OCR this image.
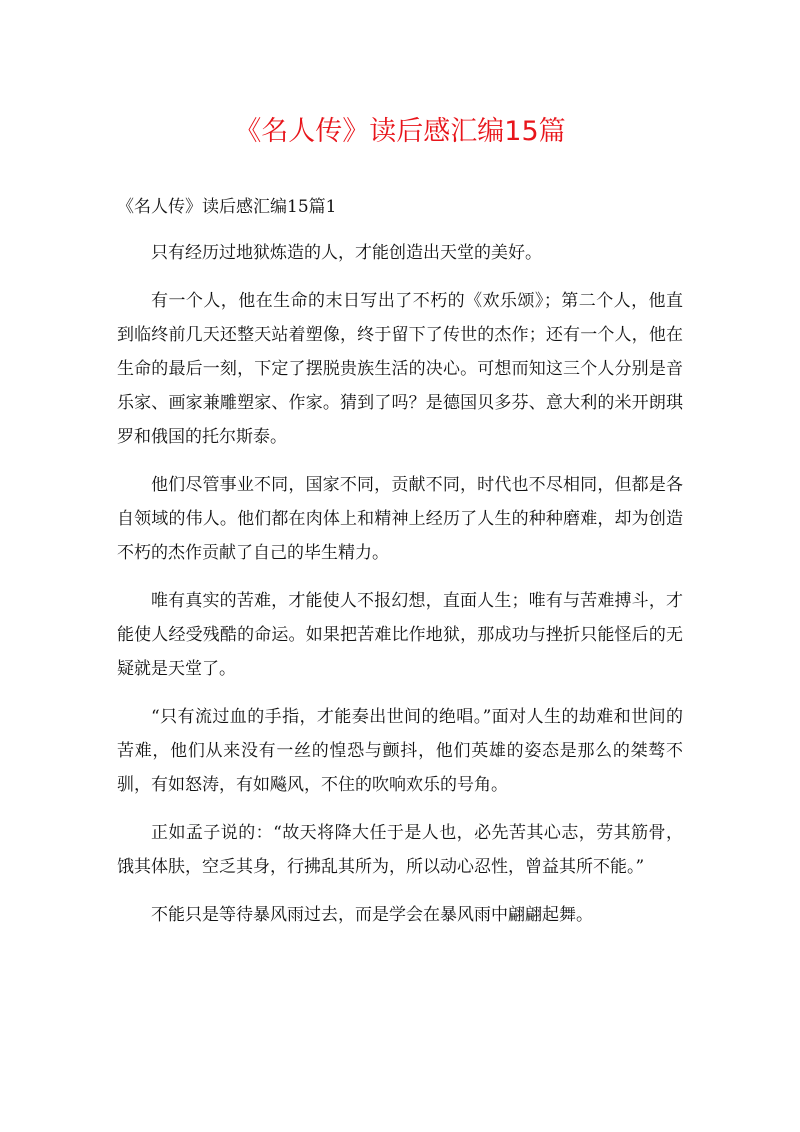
《名人传》读后感汇编15篇
《名人传》读后感汇编15篇1

只有经历过地狱炼造的人，才能创造出天堂的美好。

有一个人，他在生命的末日写出了不朽的《欢乐颂》；第二个人，他直到临终前几天还整天站着塑像，终于留下了传世的杰作；还有一个人，他在生命的最后一刻，下定了摆脱贵族生活的决心。可想而知这三个人分别是音乐家、画家兼雕塑家、作家。猜到了吗？是德国贝多芬、意大利的米开朗琪罗和俄国的托尔斯泰。

他们尽管事业不同，国家不同，贡献不同，时代也不尽相同，但都是各自领域的伟人。他们都在肉体上和精神上经历了人生的种种磨难，却为创造不朽的杰作贡献了自己的毕生精力。

唯有真实的苦难，才能使人不报幻想，直面人生；唯有与苦难搏斗，才能使人经受残酷的命运。如果把苦难比作地狱，那成功与挫折只能怪后的无疑就是天堂了。

“只有流过血的手指，才能奏出世间的绝唱。”面对人生的劫难和世间的苦难，他们从来没有一丝的惶恐与颤抖，他们英雄的姿态是那么的桀骜不驯，有如怒涛，有如飚风，不住的吹响欢乐的号角。

正如孟子说的：“故天将降大任于是人也，必先苦其心志，劳其筋骨，饿其体肤，空乏其身，行拂乱其所为，所以动心忍性，曾益其所不能。”

不能只是等待暴风雨过去，而是学会在暴风雨中翩翩起舞。
